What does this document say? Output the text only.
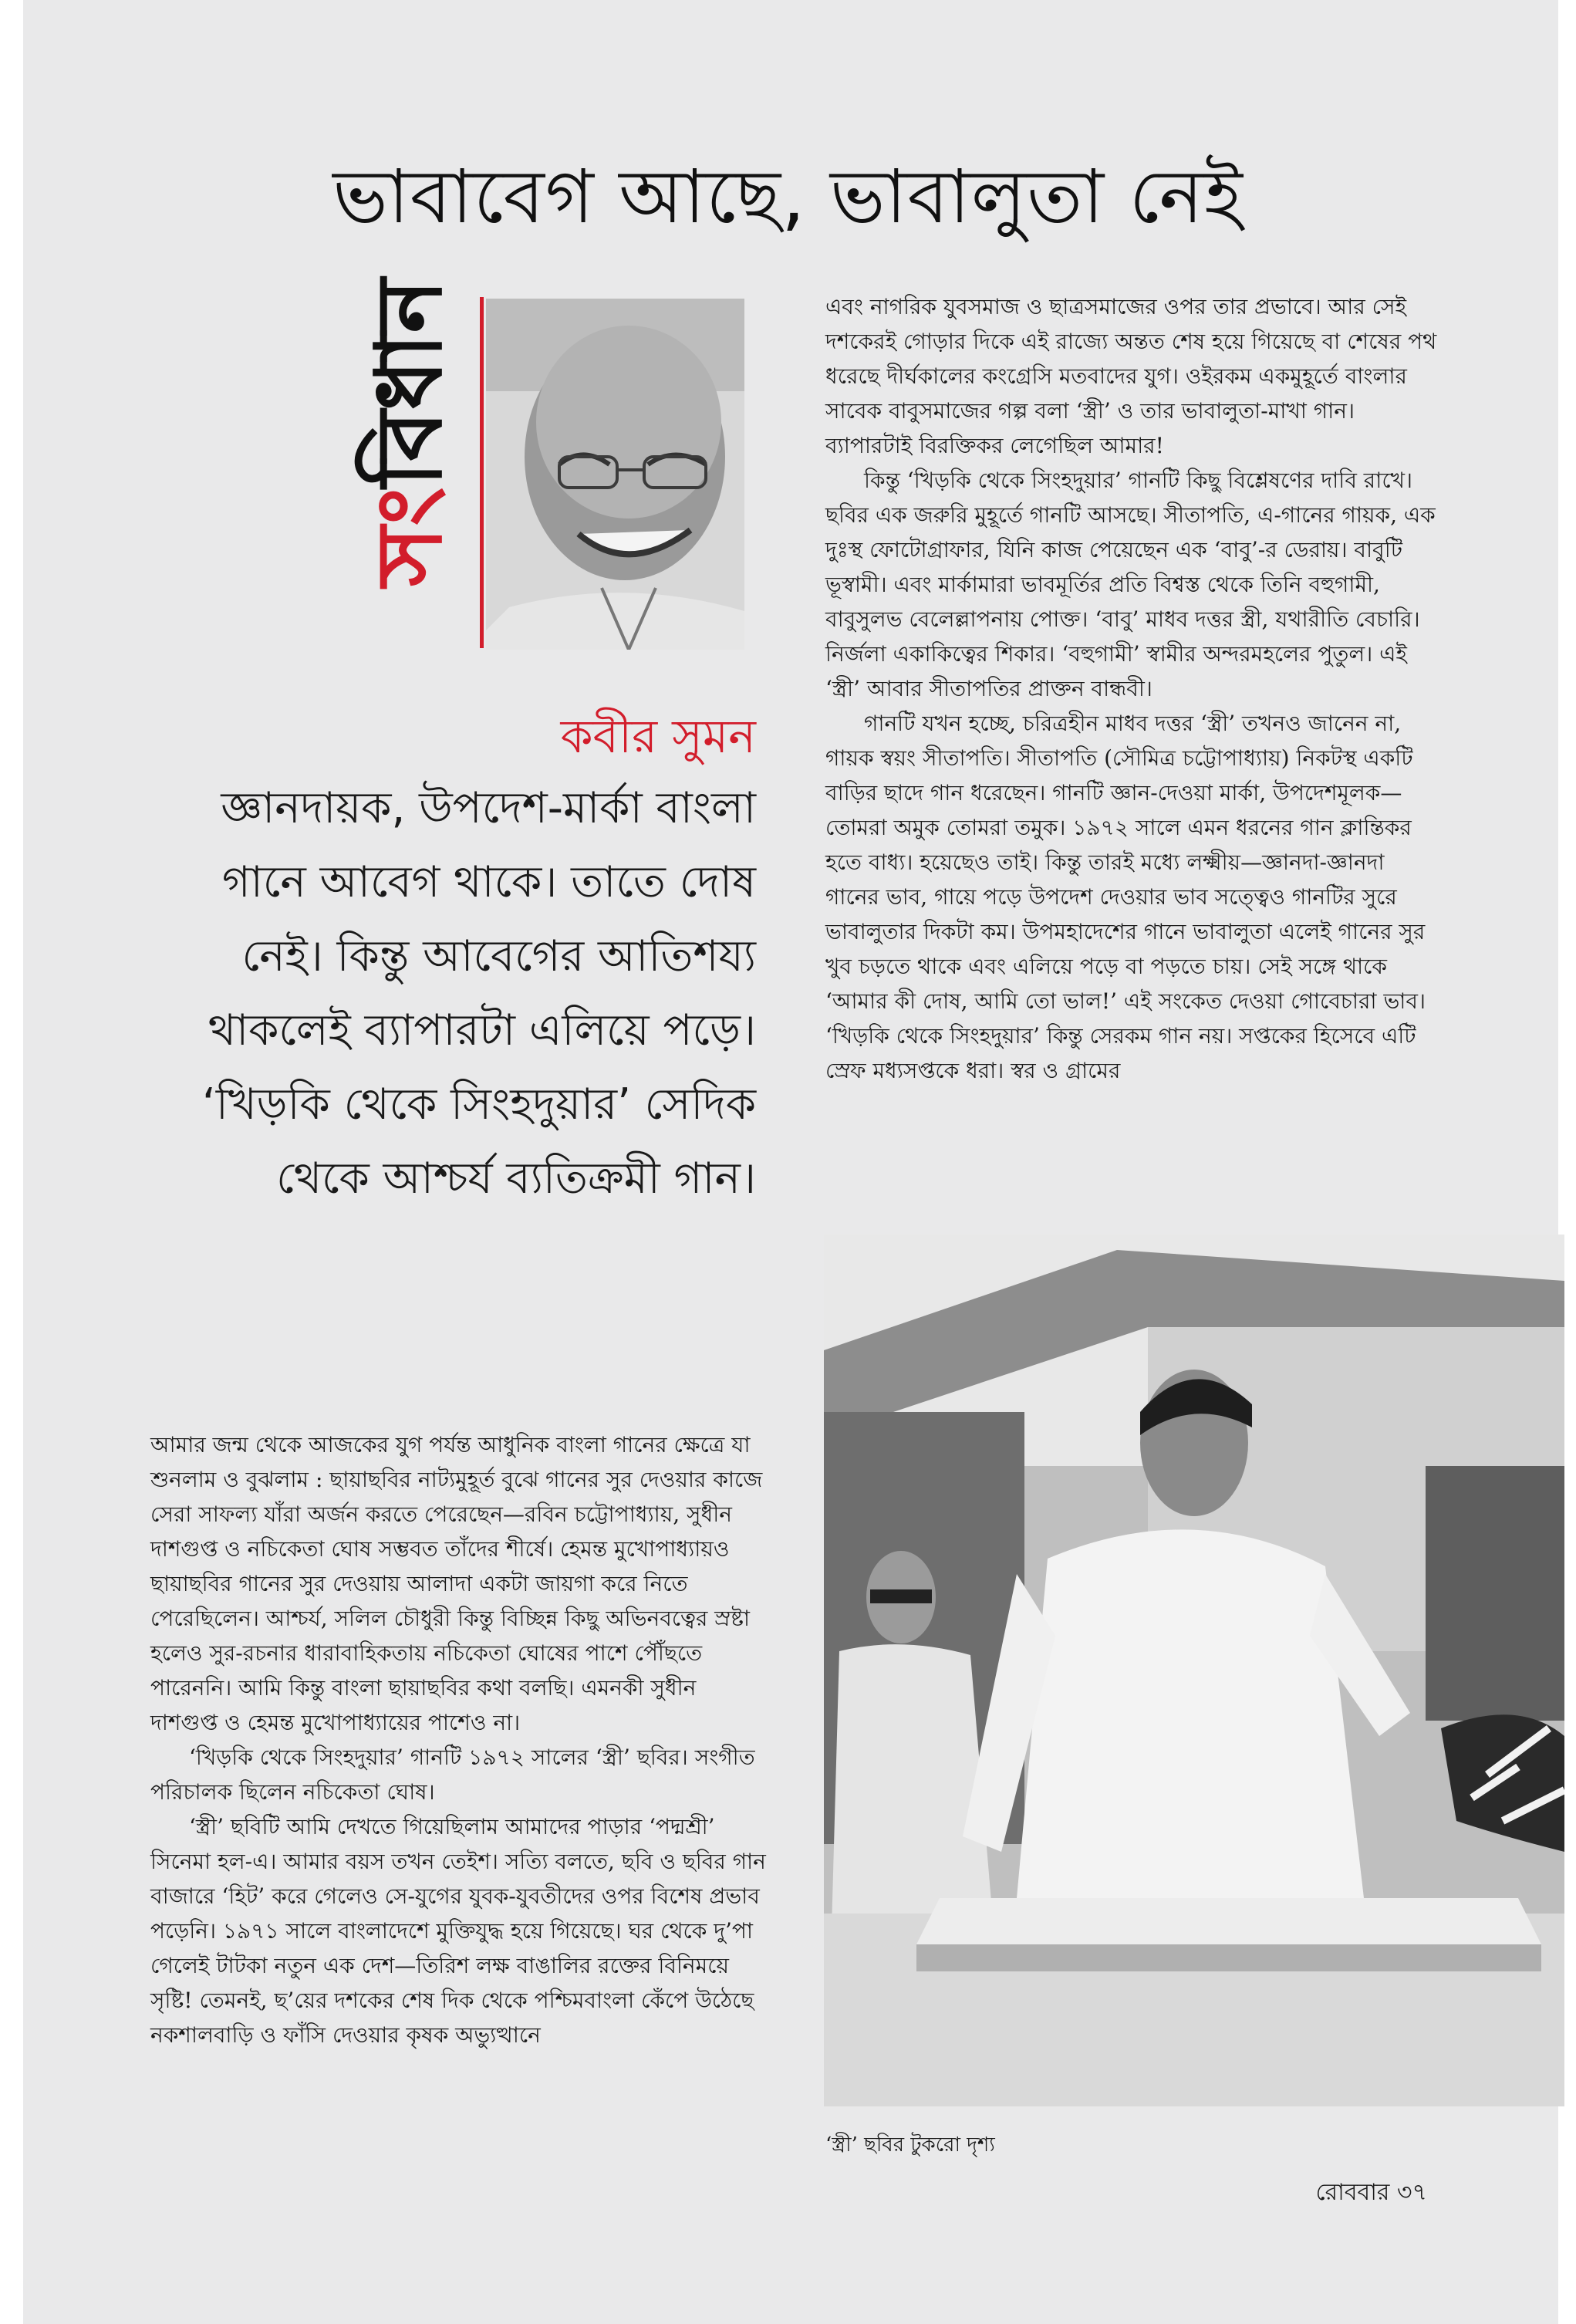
ভাবাবেগ আছে, ভাবালুতা নেই
সংবিধান
কবীর সুমন
জ্ঞানদায়ক, উপদেশ-মার্কা বাংলা গানে আবেগ থাকে। তাতে দোষ নেই। কিন্তু আবেগের আতিশয্য থাকলেই ব্যাপারটা এলিয়ে পড়ে। ‘খিড়কি থেকে সিংহদুয়ার’ সেদিক থেকে আশ্চর্য ব্যতিক্রমী গান।

এবং নাগরিক যুবসমাজ ও ছাত্রসমাজের ওপর তার প্রভাবে। আর সেই দশকেরই গোড়ার দিকে এই রাজ্যে অন্তত শেষ হয়ে গিয়েছে বা শেষের পথ ধরেছে দীর্ঘকালের কংগ্রেসি মতবাদের যুগ। ওইরকম একমুহূর্তে বাংলার সাবেক বাবুসমাজের গল্প বলা ‘স্ত্রী’ ও তার ভাবালুতা-মাখা গান। ব্যাপারটাই বিরক্তিকর লেগেছিল আমার!

কিন্তু ‘খিড়কি থেকে সিংহদুয়ার’ গানটি কিছু বিশ্লেষণের দাবি রাখে। ছবির এক জরুরি মুহূর্তে গানটি আসছে। সীতাপতি, এ-গানের গায়ক, এক দুঃস্থ ফোটোগ্রাফার, যিনি কাজ পেয়েছেন এক ‘বাবু’-র ডেরায়। বাবুটি ভূস্বামী। এবং মার্কামারা ভাবমূর্তির প্রতি বিশ্বস্ত থেকে তিনি বহুগামী, বাবুসুলভ বেলেল্লাপনায় পোক্ত। ‘বাবু’ মাধব দত্তর স্ত্রী, যথারীতি বেচারি। নির্জলা একাকিত্বের শিকার। ‘বহুগামী’ স্বামীর অন্দরমহলের পুতুল। এই ‘স্ত্রী’ আবার সীতাপতির প্রাক্তন বান্ধবী।

গানটি যখন হচ্ছে, চরিত্রহীন মাধব দত্তর ‘স্ত্রী’ তখনও জানেন না, গায়ক স্বয়ং সীতাপতি। সীতাপতি (সৌমিত্র চট্টোপাধ্যায়) নিকটস্থ একটি বাড়ির ছাদে গান ধরেছেন। গানটি জ্ঞান-দেওয়া মার্কা, উপদেশমূলক—তোমরা অমুক তোমরা তমুক। ১৯৭২ সালে এমন ধরনের গান ক্লান্তিকর হতে বাধ্য। হয়েছেও তাই। কিন্তু তারই মধ্যে লক্ষ্মীয়—জ্ঞানদা-জ্ঞানদা গানের ভাব, গায়ে পড়ে উপদেশ দেওয়ার ভাব সত্ত্বেও গানটির সুরে ভাবালুতার দিকটা কম। উপমহাদেশের গানে ভাবালুতা এলেই গানের সুর খুব চড়তে থাকে এবং এলিয়ে পড়ে বা পড়তে চায়। সেই সঙ্গে থাকে ‘আমার কী দোষ, আমি তো ভাল!’ এই সংকেত দেওয়া গোবেচারা ভাব। ‘খিড়কি থেকে সিংহদুয়ার’ কিন্তু সেরকম গান নয়। সপ্তকের হিসেবে এটি স্রেফ মধ্যসপ্তকে ধরা। স্বর ও গ্রামের

আমার জন্ম থেকে আজকের যুগ পর্যন্ত আধুনিক বাংলা গানের ক্ষেত্রে যা শুনলাম ও বুঝলাম : ছায়াছবির নাট্যমুহূর্ত বুঝে গানের সুর দেওয়ার কাজে সেরা সাফল্য যাঁরা অর্জন করতে পেরেছেন—রবিন চট্টোপাধ্যায়, সুধীন দাশগুপ্ত ও নচিকেতা ঘোষ সম্ভবত তাঁদের শীর্ষে। হেমন্ত মুখোপাধ্যায়ও ছায়াছবির গানের সুর দেওয়ায় আলাদা একটা জায়গা করে নিতে পেরেছিলেন। আশ্চর্য, সলিল চৌধুরী কিন্তু বিচ্ছিন্ন কিছু অভিনবত্বের স্রষ্টা হলেও সুর-রচনার ধারাবাহিকতায় নচিকেতা ঘোষের পাশে পৌঁছতে পারেননি। আমি কিন্তু বাংলা ছায়াছবির কথা বলছি। এমনকী সুধীন দাশগুপ্ত ও হেমন্ত মুখোপাধ্যায়ের পাশেও না।

‘খিড়কি থেকে সিংহদুয়ার’ গানটি ১৯৭২ সালের ‘স্ত্রী’ ছবির। সংগীত পরিচালক ছিলেন নচিকেতা ঘোষ।

‘স্ত্রী’ ছবিটি আমি দেখতে গিয়েছিলাম আমাদের পাড়ার ‘পদ্মশ্রী’ সিনেমা হল-এ। আমার বয়স তখন তেইশ। সত্যি বলতে, ছবি ও ছবির গান বাজারে ‘হিট’ করে গেলেও সে-যুগের যুবক-যুবতীদের ওপর বিশেষ প্রভাব পড়েনি। ১৯৭১ সালে বাংলাদেশে মুক্তিযুদ্ধ হয়ে গিয়েছে। ঘর থেকে দু’পা গেলেই টাটকা নতুন এক দেশ—তিরিশ লক্ষ বাঙালির রক্তের বিনিময়ে সৃষ্টি! তেমনই, ছ’য়ের দশকের শেষ দিক থেকে পশ্চিমবাংলা কেঁপে উঠেছে নকশালবাড়ি ও ফাঁসি দেওয়ার কৃষক অভ্যুত্থানে

‘স্ত্রী’ ছবির টুকরো দৃশ্য
রোববার ৩৭
